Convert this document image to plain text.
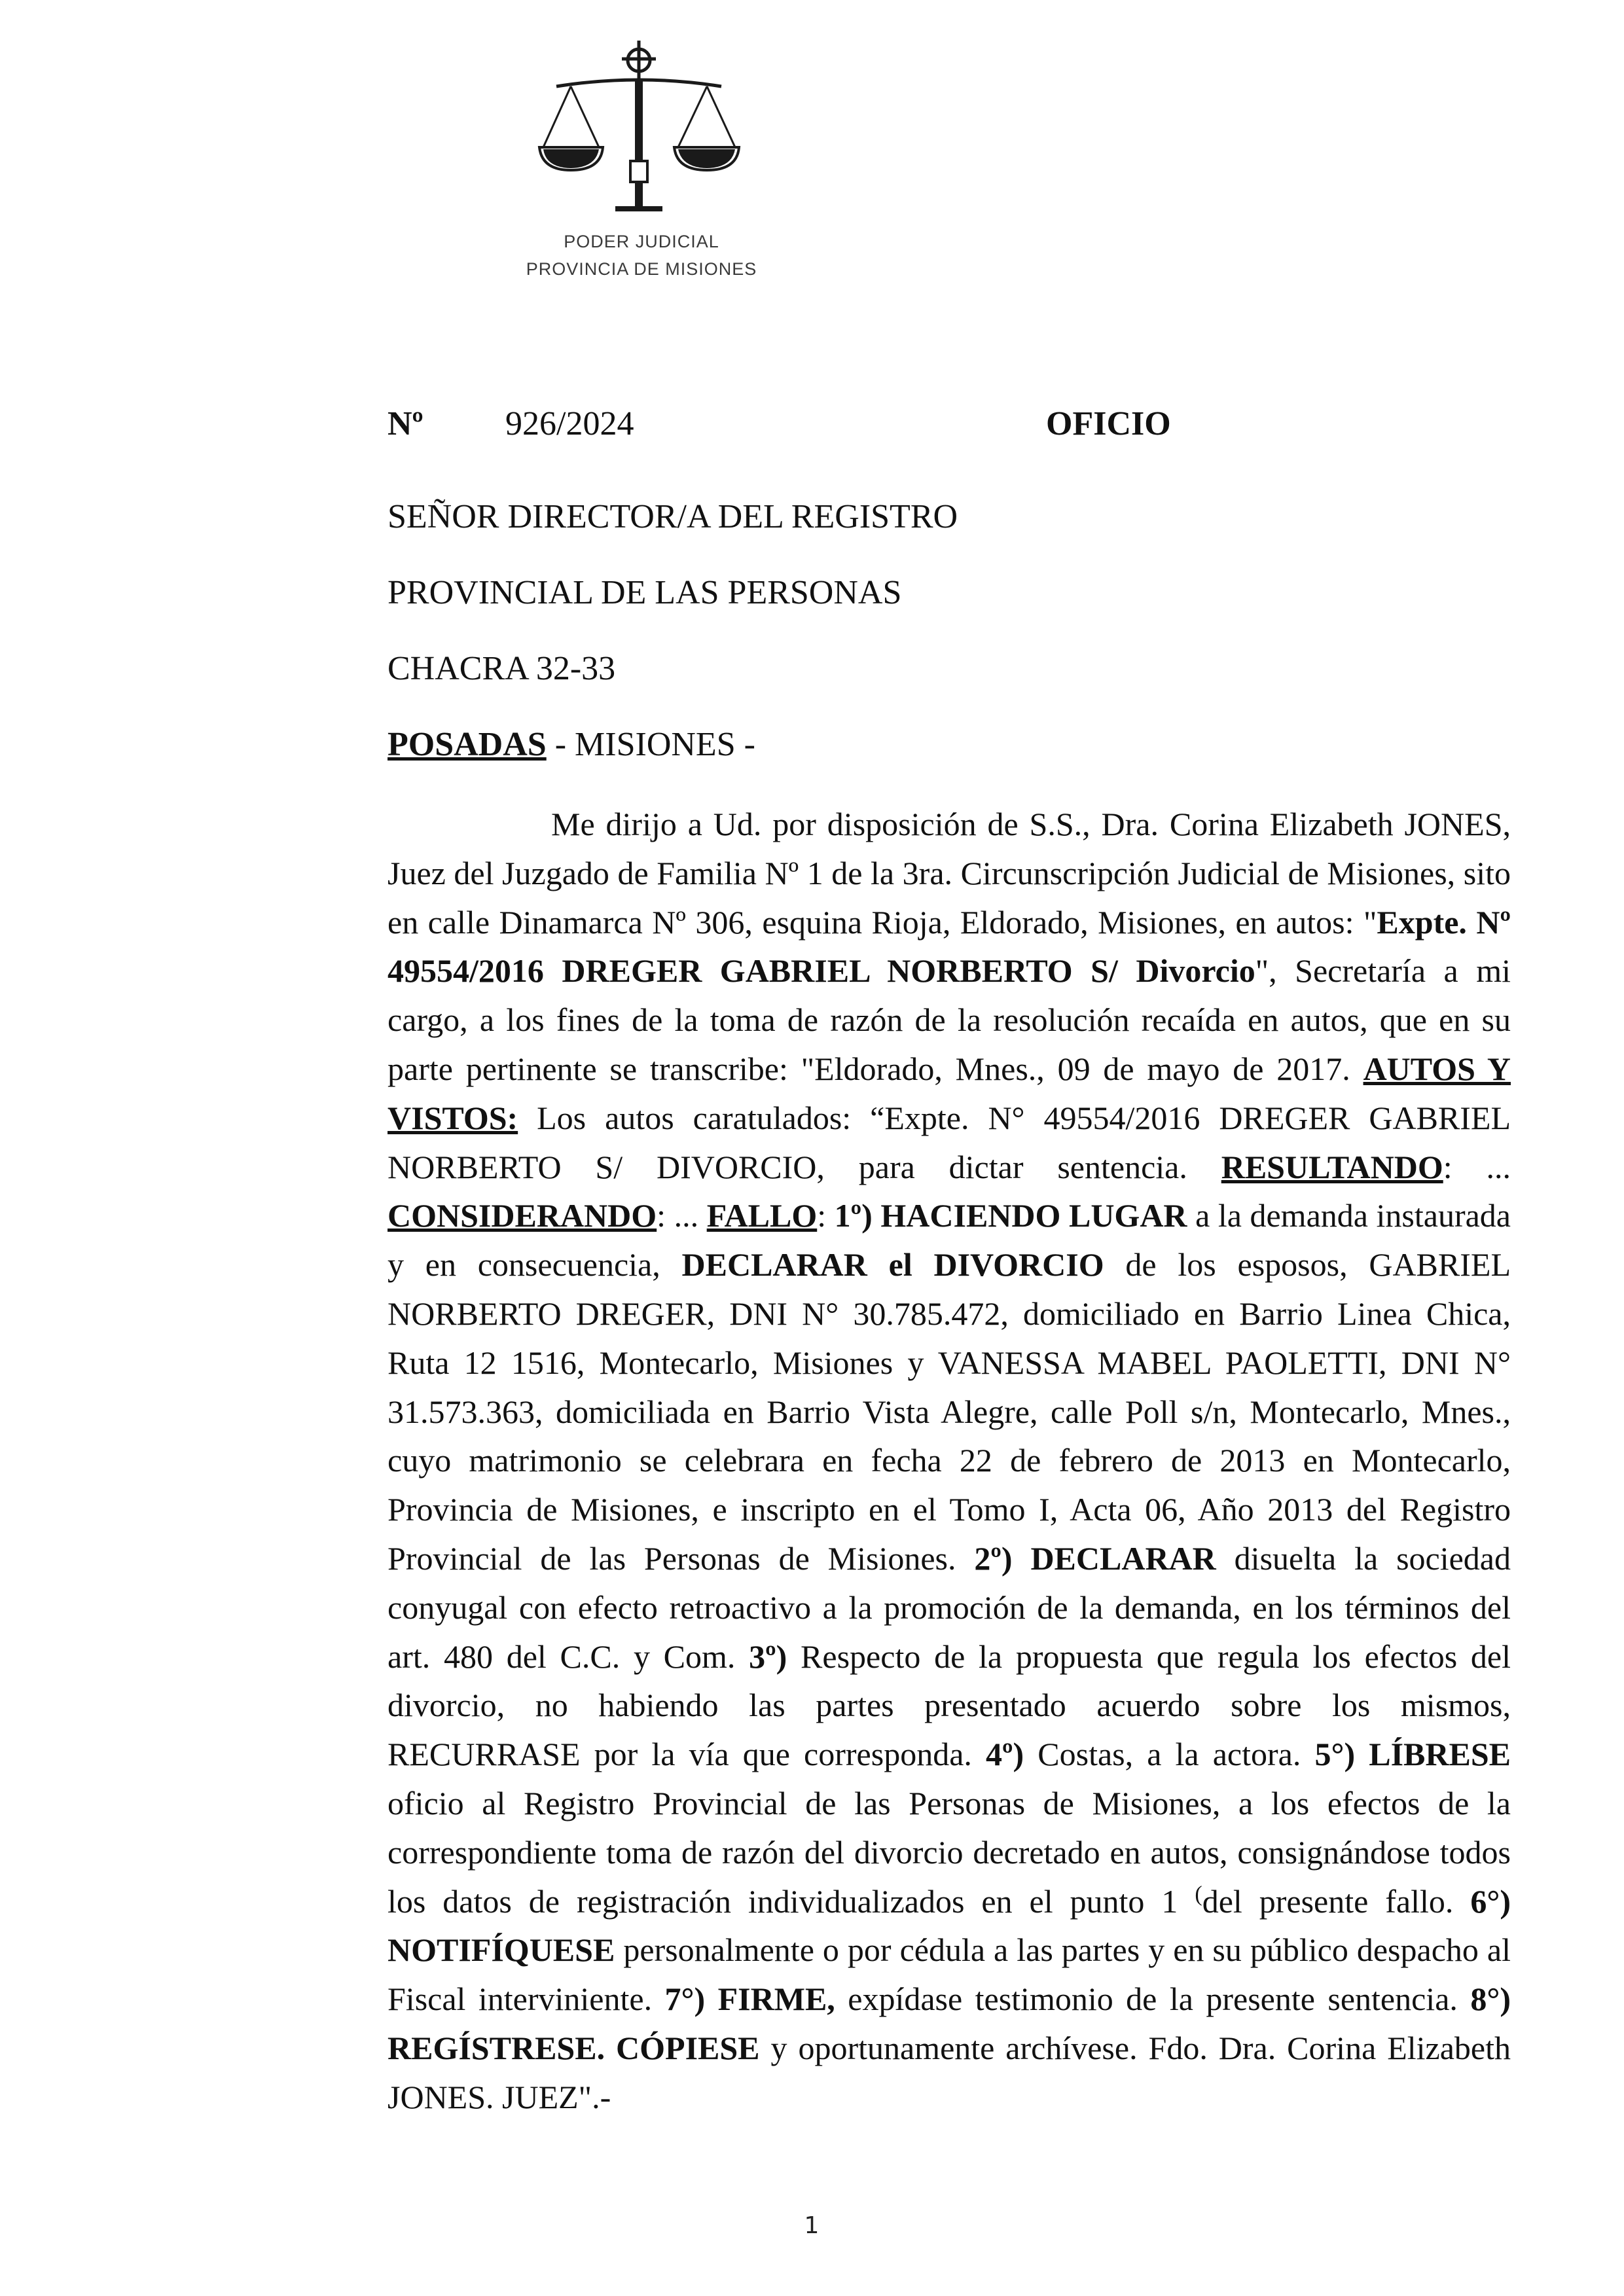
PODER JUDICIAL
PROVINCIA DE MISIONES
Nº 926/2024	OFICIO
SEÑOR DIRECTOR/A DEL REGISTRO
PROVINCIAL DE LAS PERSONAS
CHACRA 32-33
POSADAS - MISIONES -
Me dirijo a Ud. por disposición de S.S., Dra. Corina Elizabeth JONES, Juez del Juzgado de Familia Nº 1 de la 3ra. Circunscripción Judicial de Misiones, sito en calle Dinamarca Nº 306, esquina Rioja, Eldorado, Misiones, en autos: "Expte. Nº 49554/2016 DREGER GABRIEL NORBERTO S/ Divorcio", Secretaría a mi cargo, a los fines de la toma de razón de la resolución recaída en autos, que en su parte pertinente se transcribe: "Eldorado, Mnes., 09 de mayo de 2017. AUTOS Y VISTOS: Los autos caratulados: “Expte. N° 49554/2016 DREGER GABRIEL NORBERTO S/ DIVORCIO, para dictar sentencia. RESULTANDO: ... CONSIDERANDO: ... FALLO: 1º) HACIENDO LUGAR a la demanda instaurada y en consecuencia, DECLARAR el DIVORCIO de los esposos, GABRIEL NORBERTO DREGER, DNI N° 30.785.472, domiciliado en Barrio Linea Chica, Ruta 12 1516, Montecarlo, Misiones y VANESSA MABEL PAOLETTI, DNI N° 31.573.363, domiciliada en Barrio Vista Alegre, calle Poll s/n, Montecarlo, Mnes., cuyo matrimonio se celebrara en fecha 22 de febrero de 2013 en Montecarlo, Provincia de Misiones, e inscripto en el Tomo I, Acta 06, Año 2013 del Registro Provincial de las Personas de Misiones. 2º) DECLARAR disuelta la sociedad conyugal con efecto retroactivo a la promoción de la demanda, en los términos del art. 480 del C.C. y Com. 3º) Respecto de la propuesta que regula los efectos del divorcio, no habiendo las partes presentado acuerdo sobre los mismos, RECURRASE por la vía que corresponda. 4º) Costas, a la actora. 5°) LÍBRESE oficio al Registro Provincial de las Personas de Misiones, a los efectos de la correspondiente toma de razón del divorcio decretado en autos, consignándose todos los datos de registración individualizados en el punto 1 (del presente fallo. 6°) NOTIFÍQUESE personalmente o por cédula a las partes y en su público despacho al Fiscal interviniente. 7°) FIRME, expídase testimonio de la presente sentencia. 8°) REGÍSTRESE. CÓPIESE y oportunamente archívese. Fdo. Dra. Corina Elizabeth JONES. JUEZ".-
1
